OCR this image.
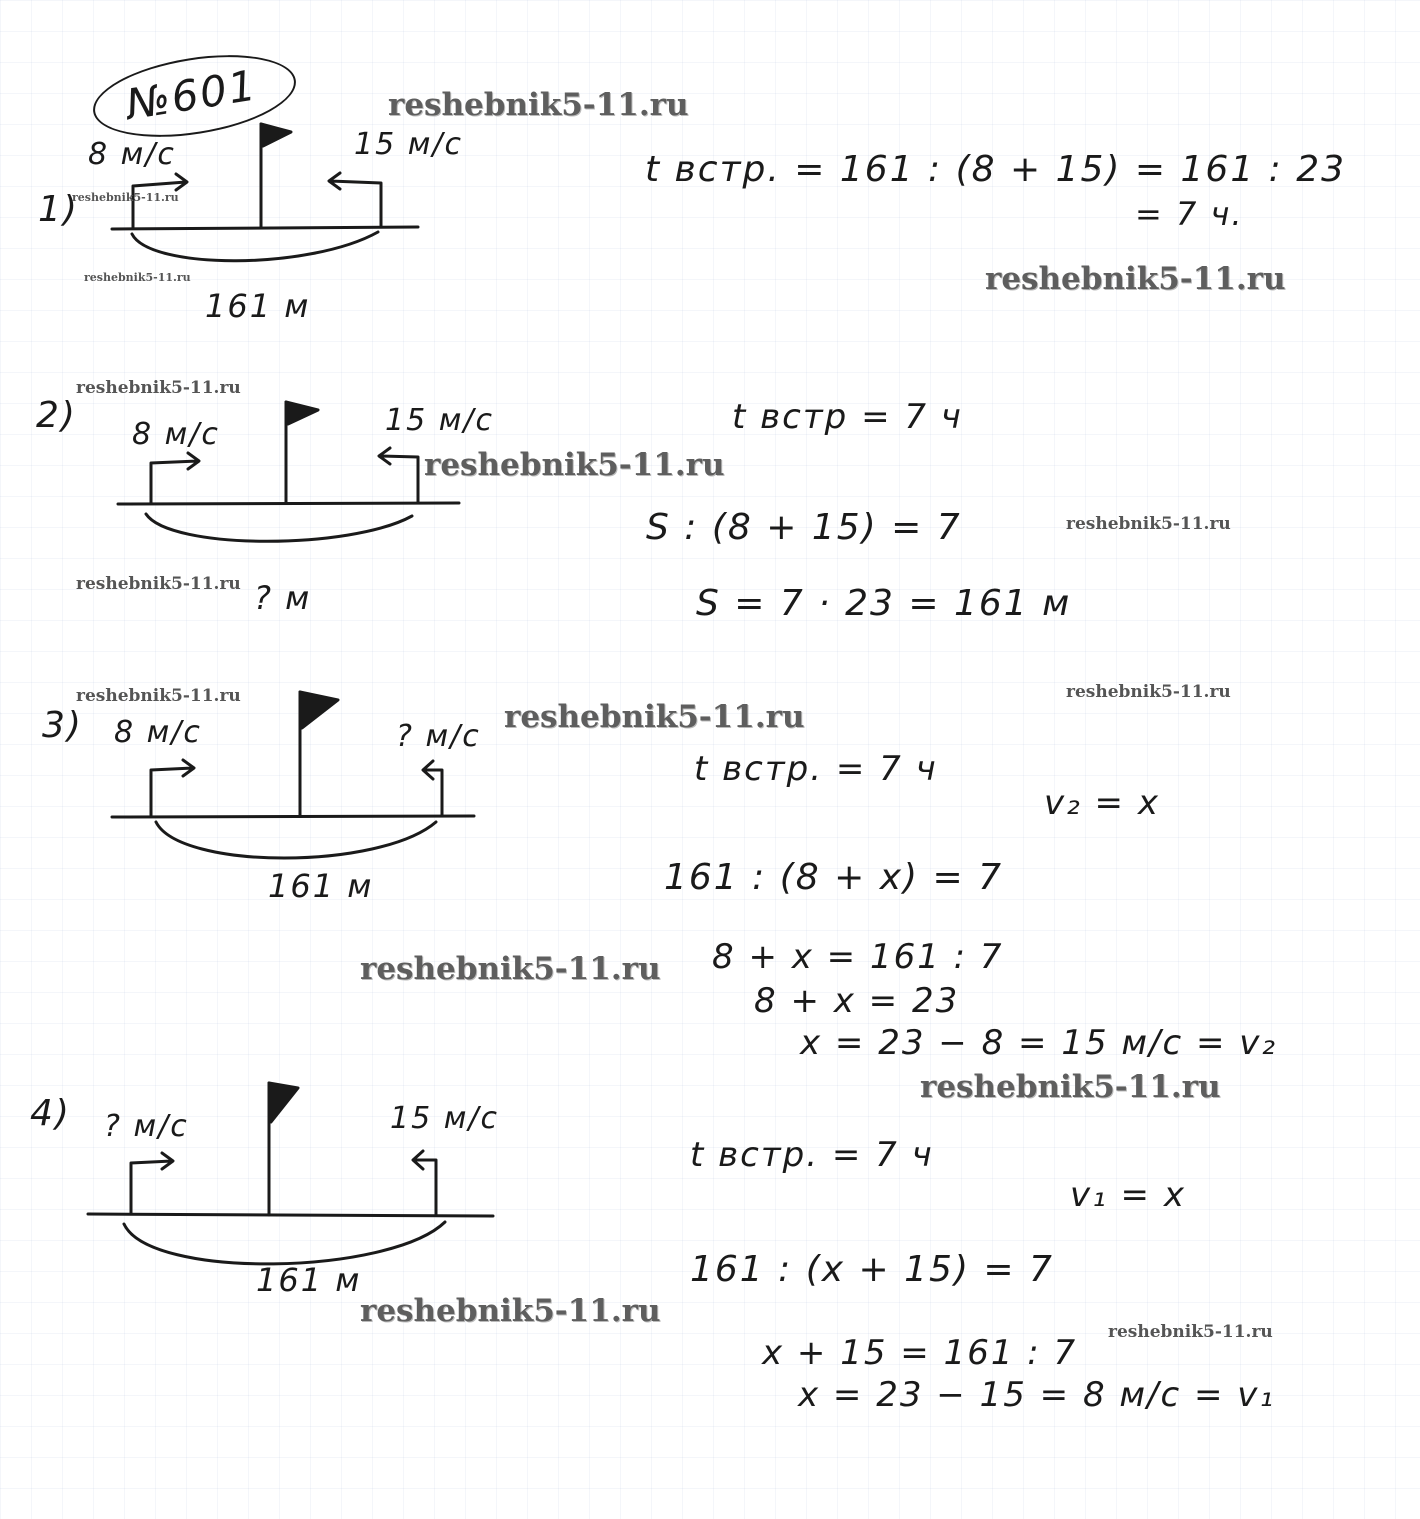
№601

1)

8 м/с	15 м/с

161 м

t встр. = 161 : (8 + 15) = 161 : 23

= 7 ч.

2) 8 м/с	15 м/с

? м

t встр = 7 ч

S : (8 + 15) = 7

S = 7 · 23 = 161 м

3) 8 м/с	? м/с

161 м

t встр. = 7 ч

v₂ = x

161 : (8 + x) = 7

8 + x = 161 : 7

8 + x = 23

x = 23 − 8 = 15 м/с = v₂

4) ? м/с	15 м/с

161 м

t встр. = 7 ч

v₁ = x

161 : (x + 15) = 7

x + 15 = 161 : 7

x = 23 − 15 = 8 м/с = v₁

reshebnik5-11.ru

reshebnik5-11.ru

reshebnik5-11.ru

reshebnik5-11.ru

reshebnik5-11.ru

reshebnik5-11.ru

reshebnik5-11.ru

reshebnik5-11.ru

reshebnik5-11.ru

reshebnik5-11.ru

reshebnik5-11.ru

reshebnik5-11.ru

reshebnik5-11.ru

reshebnik5-11.ru

reshebnik5-11.ru
